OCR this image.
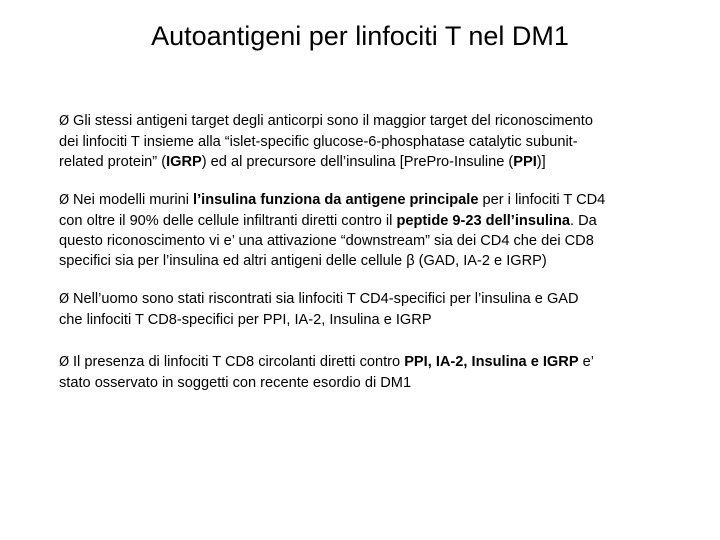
Autoantigeni per linfociti T nel DM1
Ø Gli stessi antigeni target degli anticorpi sono il maggior target del riconoscimento
dei linfociti T insieme alla “islet-specific glucose-6-phosphatase catalytic subunit-
related protein” (IGRP) ed al precursore dell’insulina [PrePro-Insuline (PPI)]
Ø Nei modelli murini l’insulina funziona da antigene principale per i linfociti T CD4
con oltre il 90% delle cellule infiltranti diretti contro il peptide 9-23 dell’insulina. Da
questo riconoscimento vi e’ una attivazione “downstream” sia dei CD4 che dei CD8
specifici sia per l’insulina ed altri antigeni delle cellule β (GAD, IA-2 e IGRP)
Ø Nell’uomo sono stati riscontrati sia linfociti T CD4-specifici per l’insulina e GAD
che linfociti T CD8-specifici per PPI, IA-2, Insulina e IGRP
Ø Il presenza di linfociti T CD8 circolanti diretti contro PPI, IA-2, Insulina e IGRP e’
stato osservato in soggetti con recente esordio di DM1
